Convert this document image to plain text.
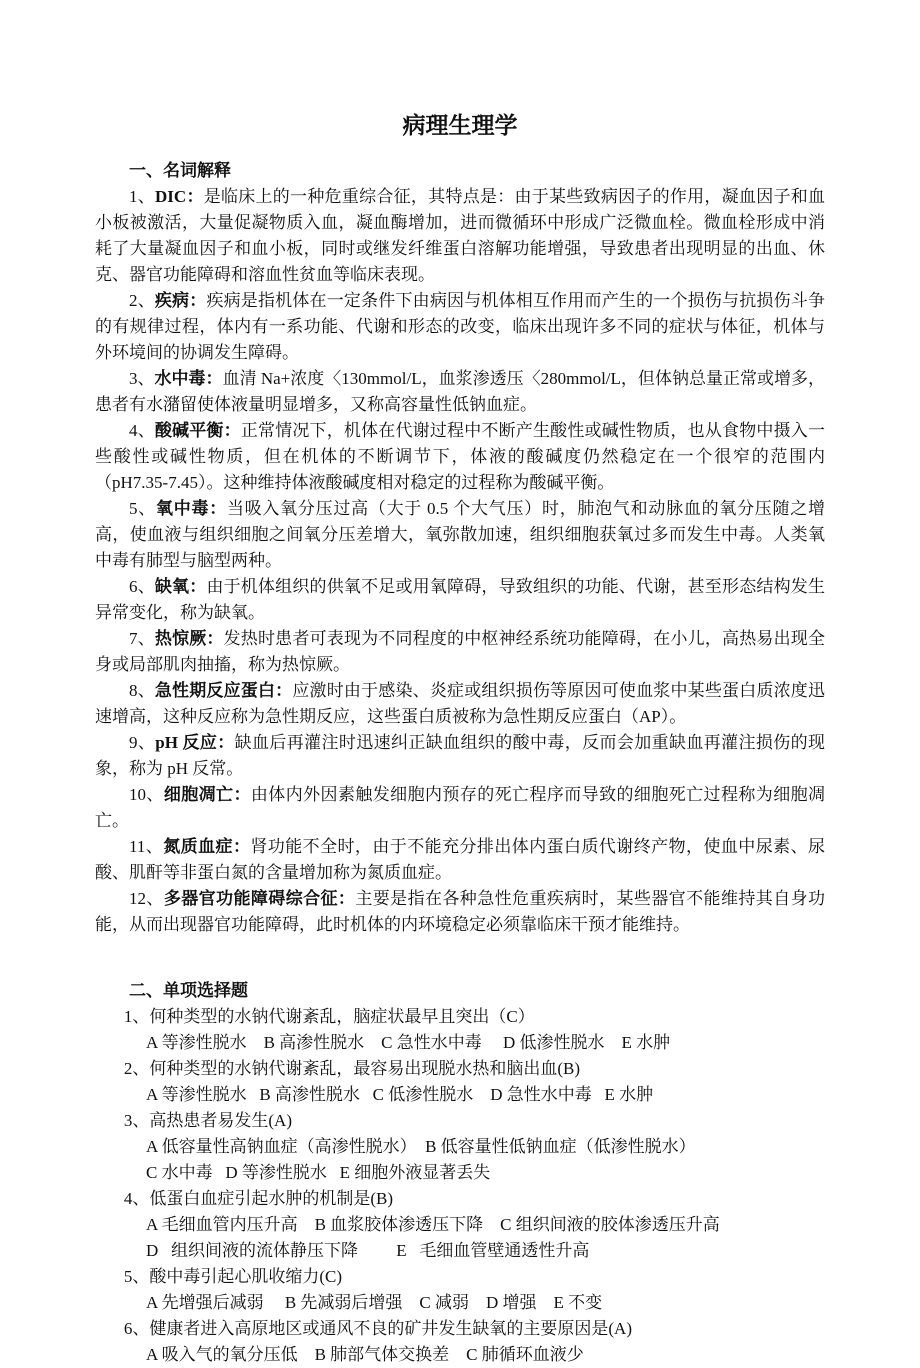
病理生理学

一、名词解释

1、DIC：是临床上的一种危重综合征，其特点是：由于某些致病因子的作用，凝血因子和血小板被激活，大量促凝物质入血，凝血酶增加，进而微循环中形成广泛微血栓。微血栓形成中消耗了大量凝血因子和血小板，同时或继发纤维蛋白溶解功能增强，导致患者出现明显的出血、休克、器官功能障碍和溶血性贫血等临床表现。

2、疾病：疾病是指机体在一定条件下由病因与机体相互作用而产生的一个损伤与抗损伤斗争的有规律过程，体内有一系功能、代谢和形态的改变，临床出现许多不同的症状与体征，机体与外环境间的协调发生障碍。

3、水中毒：血清 Na+浓度〈130mmol/L，血浆渗透压〈280mmol/L，但体钠总量正常或增多，患者有水潴留使体液量明显增多，又称高容量性低钠血症。

4、酸碱平衡：正常情况下，机体在代谢过程中不断产生酸性或碱性物质，也从食物中摄入一些酸性或碱性物质，但在机体的不断调节下，体液的酸碱度仍然稳定在一个很窄的范围内（pH7.35-7.45）。这种维持体液酸碱度相对稳定的过程称为酸碱平衡。

5、氧中毒：当吸入氧分压过高（大于 0.5 个大气压）时，肺泡气和动脉血的氧分压随之增高，使血液与组织细胞之间氧分压差增大，氧弥散加速，组织细胞获氧过多而发生中毒。人类氧中毒有肺型与脑型两种。

6、缺氧：由于机体组织的供氧不足或用氧障碍，导致组织的功能、代谢，甚至形态结构发生异常变化，称为缺氧。

7、热惊厥：发热时患者可表现为不同程度的中枢神经系统功能障碍，在小儿，高热易出现全身或局部肌肉抽搐，称为热惊厥。

8、急性期反应蛋白：应激时由于感染、炎症或组织损伤等原因可使血浆中某些蛋白质浓度迅速增高，这种反应称为急性期反应，这些蛋白质被称为急性期反应蛋白（AP）。

9、pH 反应：缺血后再灌注时迅速纠正缺血组织的酸中毒，反而会加重缺血再灌注损伤的现象，称为 pH 反常。

10、细胞凋亡：由体内外因素触发细胞内预存的死亡程序而导致的细胞死亡过程称为细胞凋亡。

11、氮质血症：肾功能不全时，由于不能充分排出体内蛋白质代谢终产物，使血中尿素、尿酸、肌酐等非蛋白氮的含量增加称为氮质血症。

12、多器官功能障碍综合征：主要是指在各种急性危重疾病时，某些器官不能维持其自身功能，从而出现器官功能障碍，此时机体的内环境稳定必须靠临床干预才能维持。

二、单项选择题

1、何种类型的水钠代谢紊乱，脑症状最早且突出（C）

A 等渗性脱水    B 高渗性脱水    C 急性水中毒     D 低渗性脱水    E 水肿

2、何种类型的水钠代谢紊乱，最容易出现脱水热和脑出血(B)

A 等渗性脱水   B 高渗性脱水   C 低渗性脱水    D 急性水中毒   E 水肿

3、高热患者易发生(A)

A 低容量性高钠血症（高渗性脱水）  B 低容量性低钠血症（低渗性脱水）

C 水中毒   D 等渗性脱水   E 细胞外液显著丢失

4、低蛋白血症引起水肿的机制是(B)

A 毛细血管内压升高    B 血浆胶体渗透压下降    C 组织间液的胶体渗透压升高

D   组织间液的流体静压下降         E   毛细血管壁通透性升高

5、酸中毒引起心肌收缩力(C)

A 先增强后减弱     B 先减弱后增强    C 减弱    D 增强    E 不变

6、健康者进入高原地区或通风不良的矿井发生缺氧的主要原因是(A)

A 吸入气的氧分压低    B 肺部气体交换差    C 肺循环血液少
